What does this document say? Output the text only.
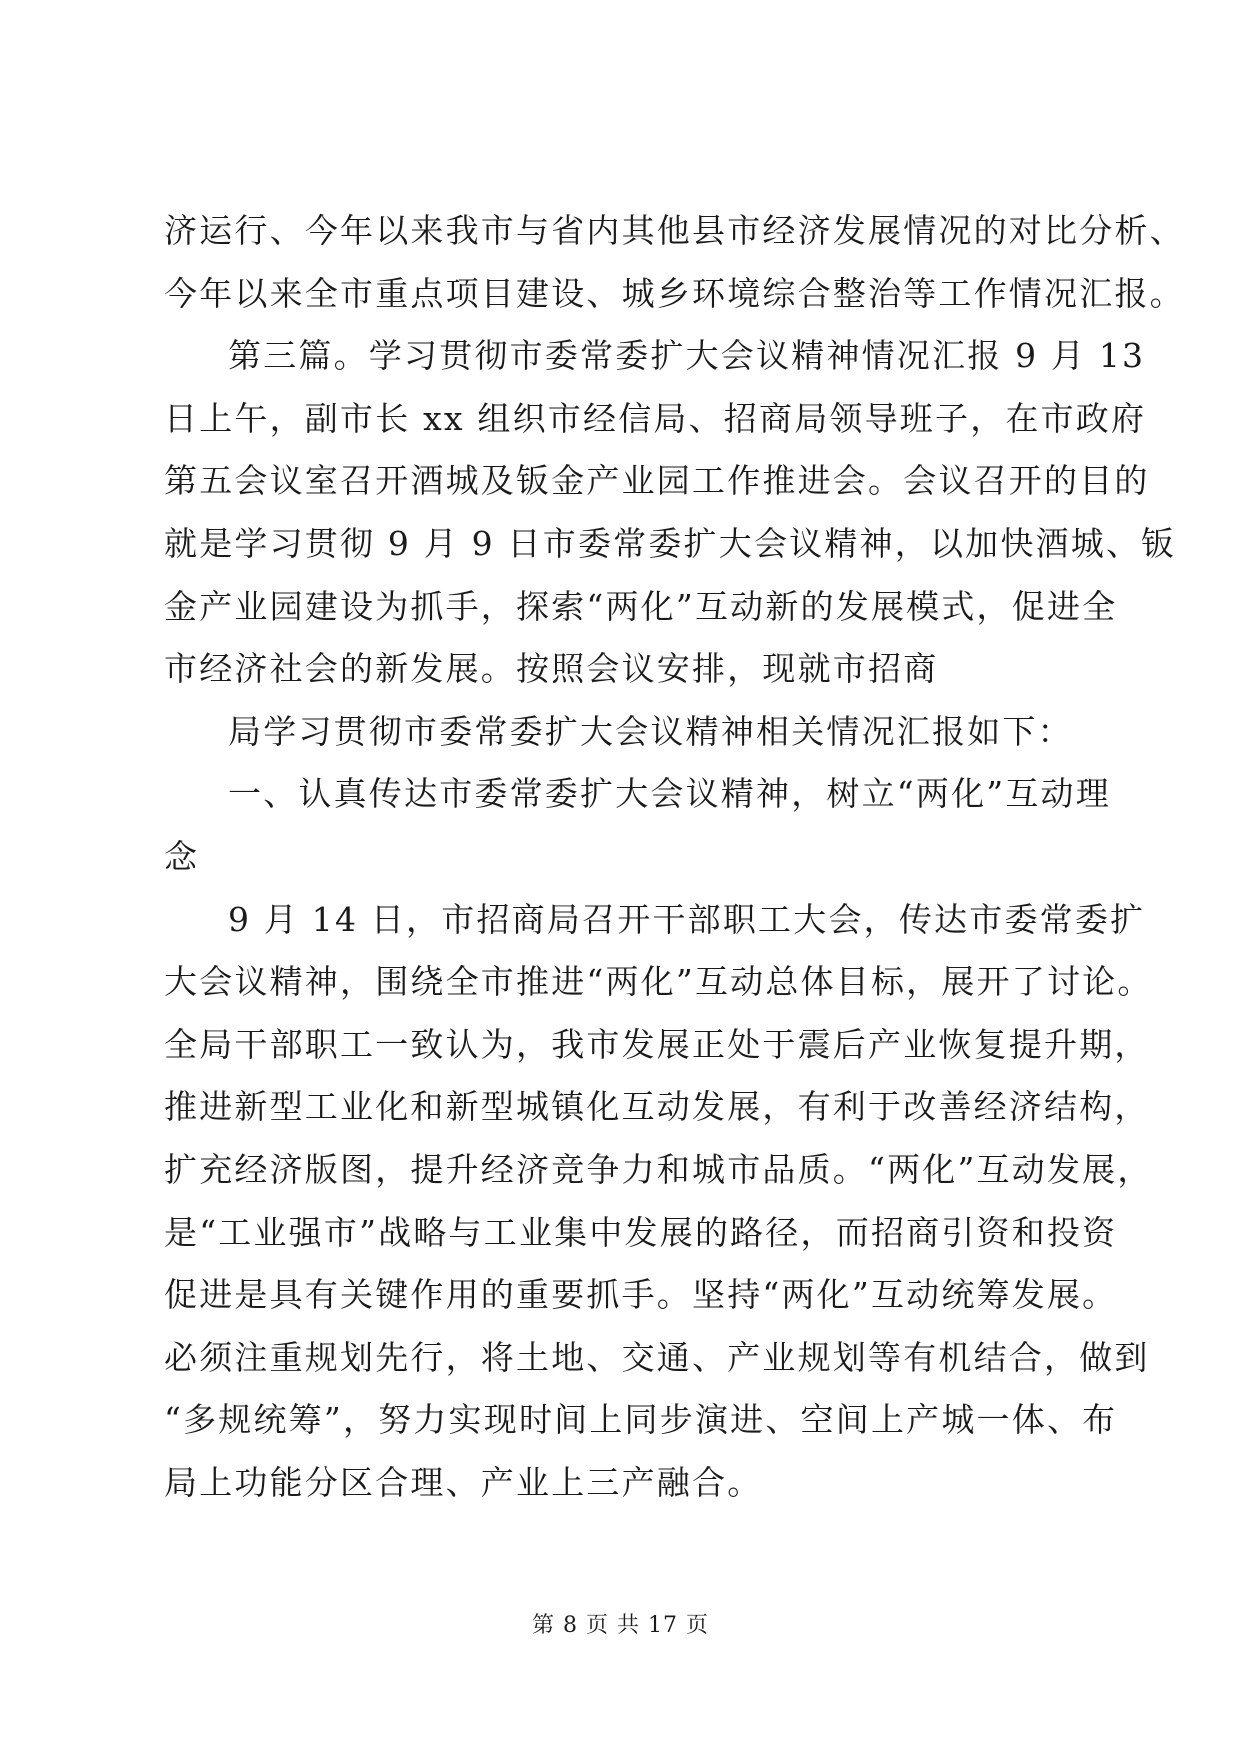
济运行、今年以来我市与省内其他县市经济发展情况的对比分析、
今年以来全市重点项目建设、城乡环境综合整治等工作情况汇报。
第三篇。学习贯彻市委常委扩大会议精神情况汇报 9 月 13
日上午，副市长 xx 组织市经信局、招商局领导班子，在市政府
第五会议室召开酒城及钣金产业园工作推进会。会议召开的目的
就是学习贯彻 9 月 9 日市委常委扩大会议精神，以加快酒城、钣
金产业园建设为抓手，探索“两化”互动新的发展模式，促进全
市经济社会的新发展。按照会议安排，现就市招商
局学习贯彻市委常委扩大会议精神相关情况汇报如下：
一、认真传达市委常委扩大会议精神，树立“两化”互动理
念
9 月 14 日，市招商局召开干部职工大会，传达市委常委扩
大会议精神，围绕全市推进“两化”互动总体目标，展开了讨论。
全局干部职工一致认为，我市发展正处于震后产业恢复提升期，
推进新型工业化和新型城镇化互动发展，有利于改善经济结构，
扩充经济版图，提升经济竞争力和城市品质。“两化”互动发展，
是“工业强市”战略与工业集中发展的路径，而招商引资和投资
促进是具有关键作用的重要抓手。坚持“两化”互动统筹发展。
必须注重规划先行，将土地、交通、产业规划等有机结合，做到
“多规统筹”，努力实现时间上同步演进、空间上产城一体、布
局上功能分区合理、产业上三产融合。
第 8 页 共 17 页
